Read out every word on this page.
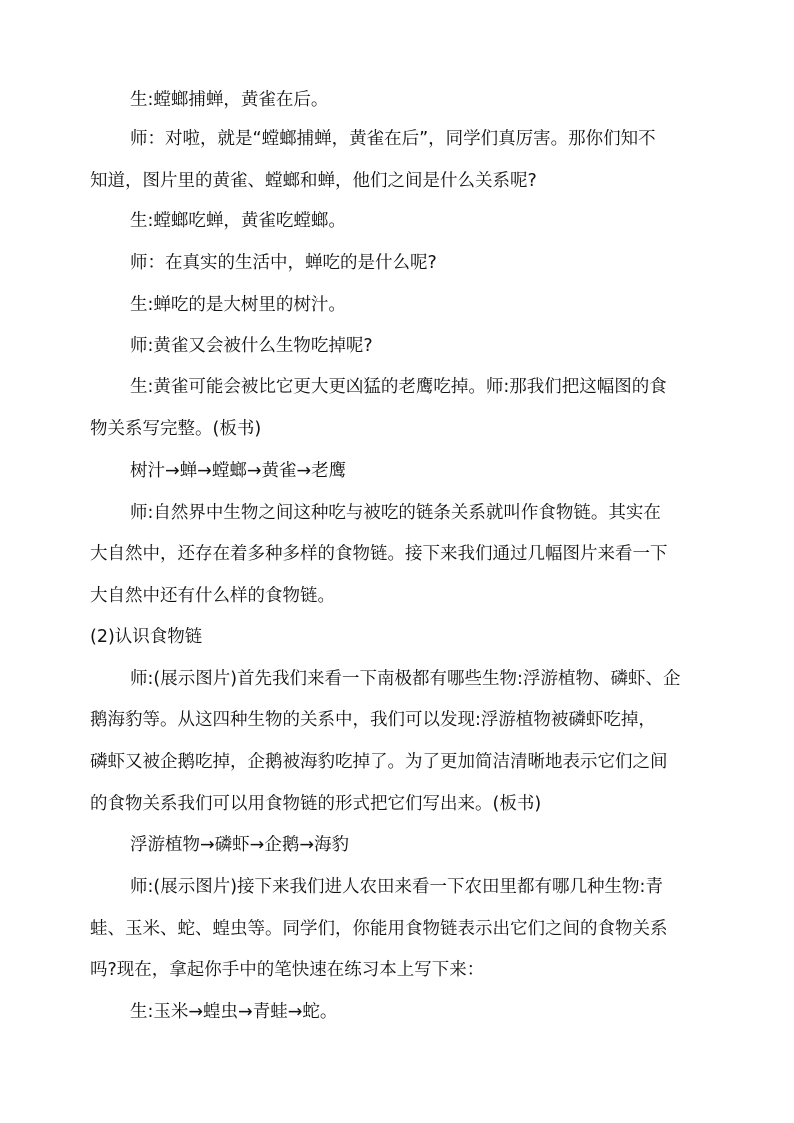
生:螳螂捕蝉，黄雀在后。
师：对啦，就是“螳螂捕蝉，黄雀在后”，同学们真厉害。那你们知不
知道，图片里的黄雀、螳螂和蝉，他们之间是什么关系呢?
生:螳螂吃蝉，黄雀吃螳螂。
师：在真实的生活中，蝉吃的是什么呢?
生:蝉吃的是大树里的树汁。
师:黄雀又会被什么生物吃掉呢?
生:黄雀可能会被比它更大更凶猛的老鹰吃掉。师:那我们把这幅图的食
物关系写完整。(板书)
树汁→蝉→螳螂→黄雀→老鹰
师:自然界中生物之间这种吃与被吃的链条关系就叫作食物链。其实在
大自然中，还存在着多种多样的食物链。接下来我们通过几幅图片来看一下
大自然中还有什么样的食物链。
(2)认识食物链
师:(展示图片)首先我们来看一下南极都有哪些生物:浮游植物、磷虾、企
鹅海豹等。从这四种生物的关系中，我们可以发现:浮游植物被磷虾吃掉，
磷虾又被企鹅吃掉，企鹅被海豹吃掉了。为了更加简洁清晰地表示它们之间
的食物关系我们可以用食物链的形式把它们写出来。(板书)
浮游植物→磷虾→企鹅→海豹
师:(展示图片)接下来我们进人农田来看一下农田里都有哪几种生物:青
蛙、玉米、蛇、蝗虫等。同学们，你能用食物链表示出它们之间的食物关系
吗?现在，拿起你手中的笔快速在练习本上写下来：
生:玉米→蝗虫→青蛙→蛇。
